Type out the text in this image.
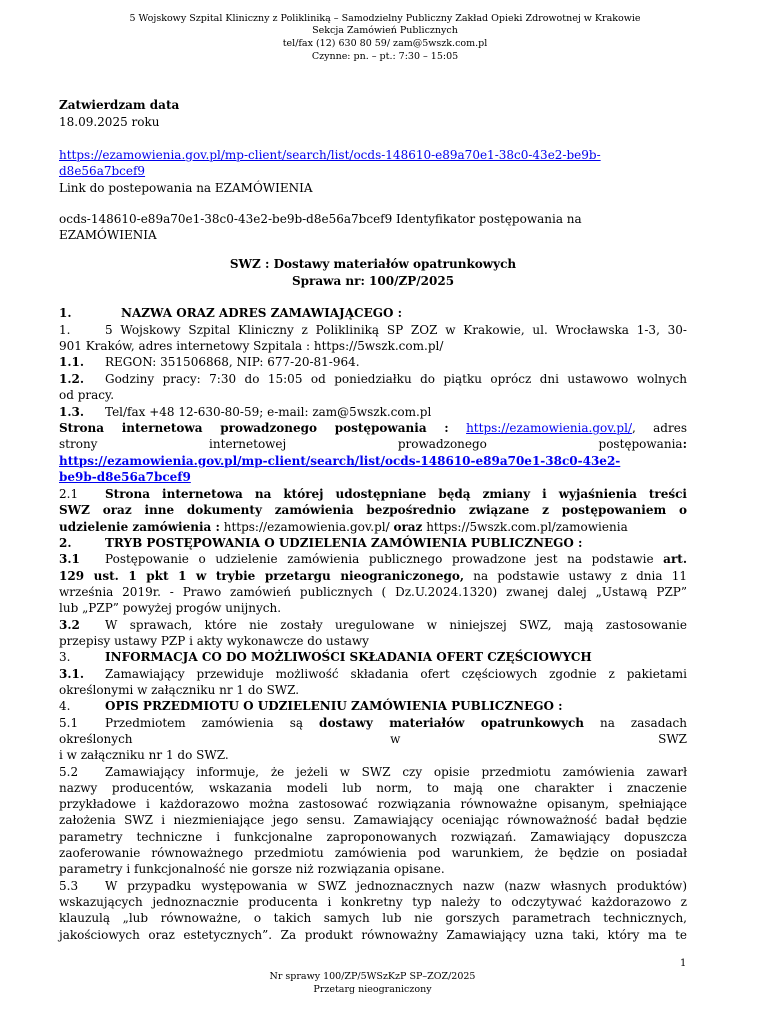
5 Wojskowy Szpital Kliniczny z Polikliniką – Samodzielny Publiczny Zakład Opieki Zdrowotnej w Krakowie
Sekcja Zamówień Publicznych
tel/fax (12) 630 80 59/ zam@5wszk.com.pl
Czynne: pn. – pt.: 7:30 – 15:05
Zatwierdzam data
18.09.2025 roku
https://ezamowienia.gov.pl/mp-client/search/list/ocds-148610-e89a70e1-38c0-43e2-be9b-
d8e56a7bcef9
Link do postepowania na EZAMÓWIENIA
ocds-148610-e89a70e1-38c0-43e2-be9b-d8e56a7bcef9 Identyfikator postępowania na
EZAMÓWIENIA
SWZ : Dostawy materiałów opatrunkowych
Sprawa nr: 100/ZP/2025
1.	NAZWA ORAZ ADRES ZAMAWIAJĄCEGO :
1.	5 Wojskowy Szpital Kliniczny z Polikliniką SP ZOZ w Krakowie, ul. Wrocławska 1-3, 30-
901 Kraków, adres internetowy Szpitala : https://5wszk.com.pl/
1.1. REGON: 351506868, NIP: 677-20-81-964.
1.2. Godziny pracy: 7:30 do 15:05 od poniedziałku do piątku oprócz dni ustawowo wolnych
od pracy.
1.3. Tel/fax +48 12-630-80-59; e-mail: zam@5wszk.com.pl
Strona internetowa prowadzonego postępowania : https://ezamowienia.gov.pl/, adres
strony internetowej prowadzonego postępowania:
https://ezamowienia.gov.pl/mp-client/search/list/ocds-148610-e89a70e1-38c0-43e2-
be9b-d8e56a7bcef9
2.1 Strona internetowa na której udostępniane będą zmiany i wyjaśnienia treści
SWZ oraz inne dokumenty zamówienia bezpośrednio związane z postępowaniem o
udzielenie zamówienia : https://ezamowienia.gov.pl/ oraz https://5wszk.com.pl/zamowienia
2.	TRYB POSTĘPOWANIA O UDZIELENIA ZAMÓWIENIA PUBLICZNEGO :
3.1 Postępowanie o udzielenie zamówienia publicznego prowadzone jest na podstawie art.
129 ust. 1 pkt 1 w trybie przetargu nieograniczonego, na podstawie ustawy z dnia 11
września 2019r. - Prawo zamówień publicznych ( Dz.U.2024.1320) zwanej dalej „Ustawą PZP”
lub „PZP” powyżej progów unijnych.
3.2 W sprawach, które nie zostały uregulowane w niniejszej SWZ, mają zastosowanie
przepisy ustawy PZP i akty wykonawcze do ustawy
3.	INFORMACJA CO DO MOŻLIWOŚCI SKŁADANIA OFERT CZĘŚCIOWYCH
3.1. Zamawiający przewiduje możliwość składania ofert częściowych zgodnie z pakietami
określonymi w załączniku nr 1 do SWZ.
4.	OPIS PRZEDMIOTU O UDZIELENIU ZAMÓWIENIA PUBLICZNEGO :
5.1 Przedmiotem zamówienia są dostawy materiałów opatrunkowych na zasadach
określonych w SWZ
i w załączniku nr 1 do SWZ.
5.2 Zamawiający informuje, że jeżeli w SWZ czy opisie przedmiotu zamówienia zawarł
nazwy producentów, wskazania modeli lub norm, to mają one charakter i znaczenie
przykładowe i każdorazowo można zastosować rozwiązania równoważne opisanym, spełniające
założenia SWZ i niezmieniające jego sensu. Zamawiający oceniając równoważność badał będzie
parametry techniczne i funkcjonalne zaproponowanych rozwiązań. Zamawiający dopuszcza
zaoferowanie równoważnego przedmiotu zamówienia pod warunkiem, że będzie on posiadał
parametry i funkcjonalność nie gorsze niż rozwiązania opisane.
5.3 W przypadku występowania w SWZ jednoznacznych nazw (nazw własnych produktów)
wskazujących jednoznacznie producenta i konkretny typ należy to odczytywać każdorazowo z
klauzulą „lub równoważne, o takich samych lub nie gorszych parametrach technicznych,
jakościowych oraz estetycznych”. Za produkt równoważny Zamawiający uzna taki, który ma te
1
Nr sprawy 100/ZP/5WSzKzP SP–ZOZ/2025
Przetarg nieograniczony
